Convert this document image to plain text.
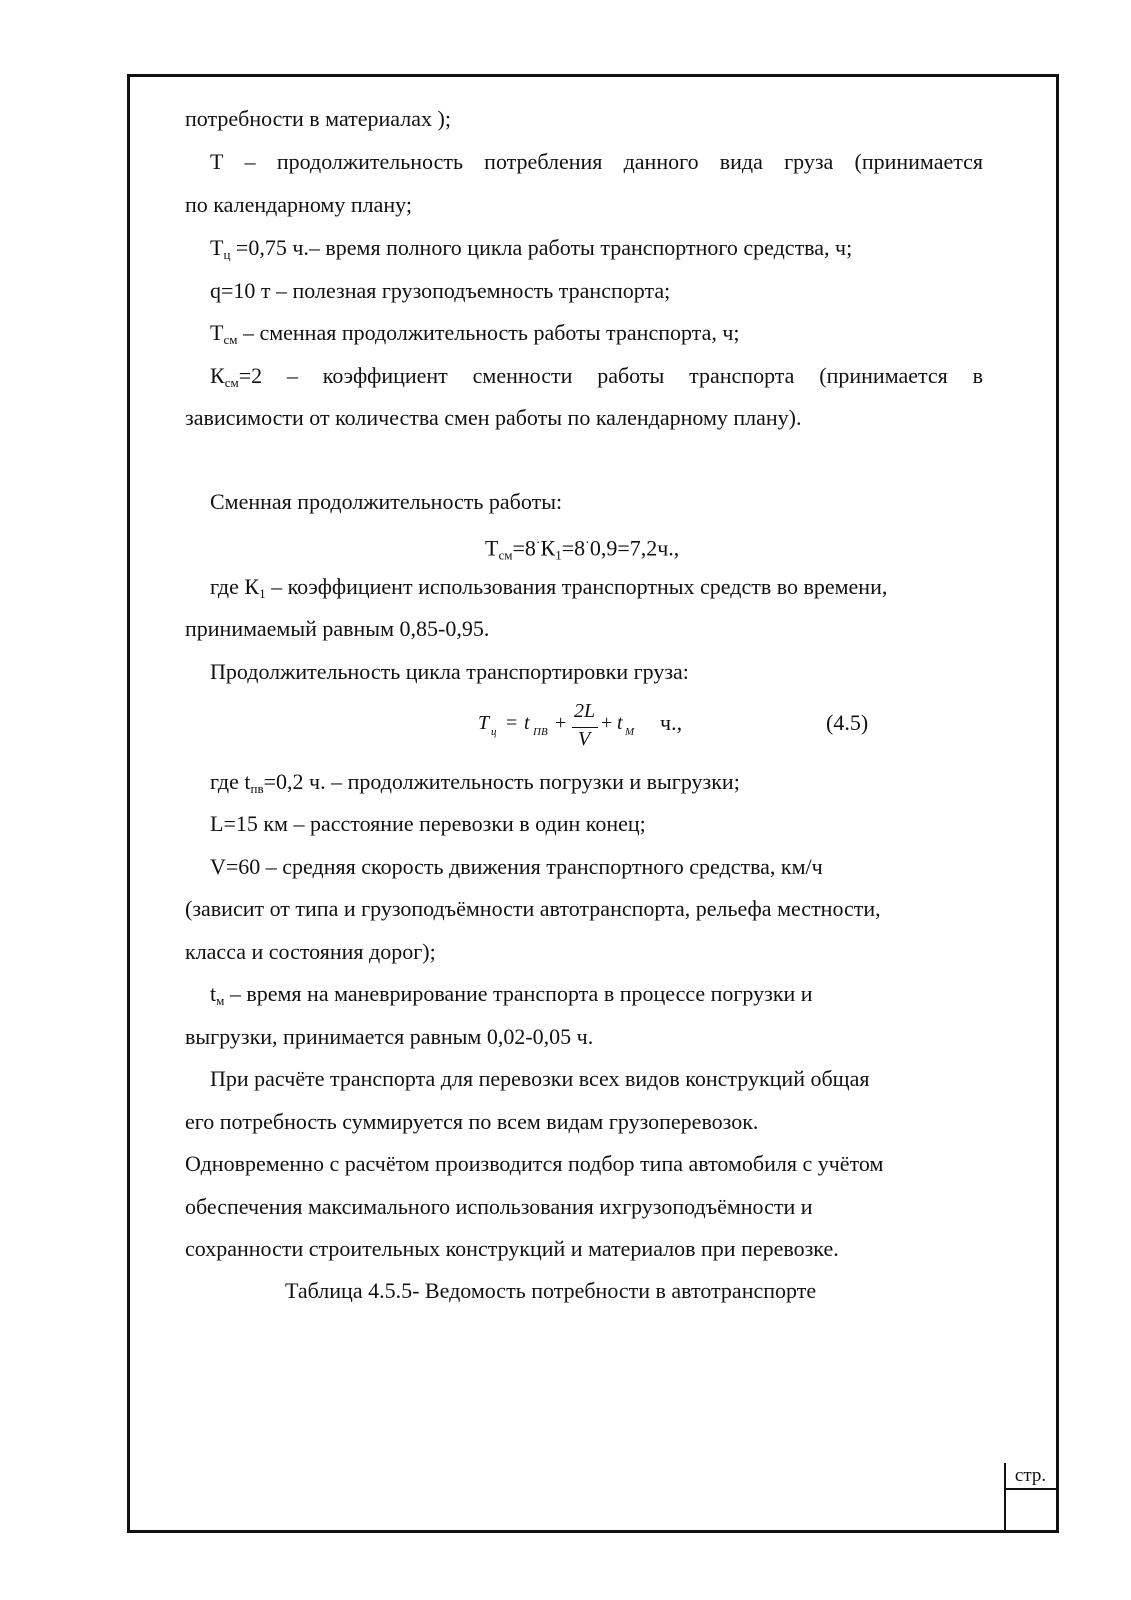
потребности в материалах );
Т – продолжительность потребления данного вида груза (принимается
по календарному плану;
$Т_ц =0,75$ ч.– время полного цикла работы транспортного средства, ч;
q=10 т – полезная грузоподъемность транспорта;
$Т_{см}$ – сменная продолжительность работы транспорта, ч;
$К_{см}=2$ – коэффициент сменности работы транспорта (принимается в
зависимости от количества смен работы по календарному плану).
Сменная продолжительность работы:
$Т_{см}=8^\cdot К_1=8^\cdot 0,9=7,2ч$.,
где $К_1$ – коэффициент использования транспортных средств во времени,
принимаемый равным 0,85-0,95.
Продолжительность цикла транспортировки груза:
T ц = t ПВ +
2L
V
+ t М ч.,	(4.5)
где $t_{пв}=0,2$ ч. – продолжительность погрузки и выгрузки;
L=15 км – расстояние перевозки в один конец;
V=60 – средняя скорость движения транспортного средства, км/ч
(зависит от типа и грузоподъёмности автотранспорта, рельефа местности,
класса и состояния дорог);
$t_м$ – время на маневрирование транспорта в процессе погрузки и
выгрузки, принимается равным 0,02-0,05 ч.
При расчёте транспорта для перевозки всех видов конструкций общая
его потребность суммируется по всем видам грузоперевозок.
Одновременно с расчётом производится подбор типа автомобиля с учётом
обеспечения максимального использования ихгрузоподъёмности и
сохранности строительных конструкций и материалов при перевозке.
Таблица 4.5.5- Ведомость потребности в автотранспорте
стр.
